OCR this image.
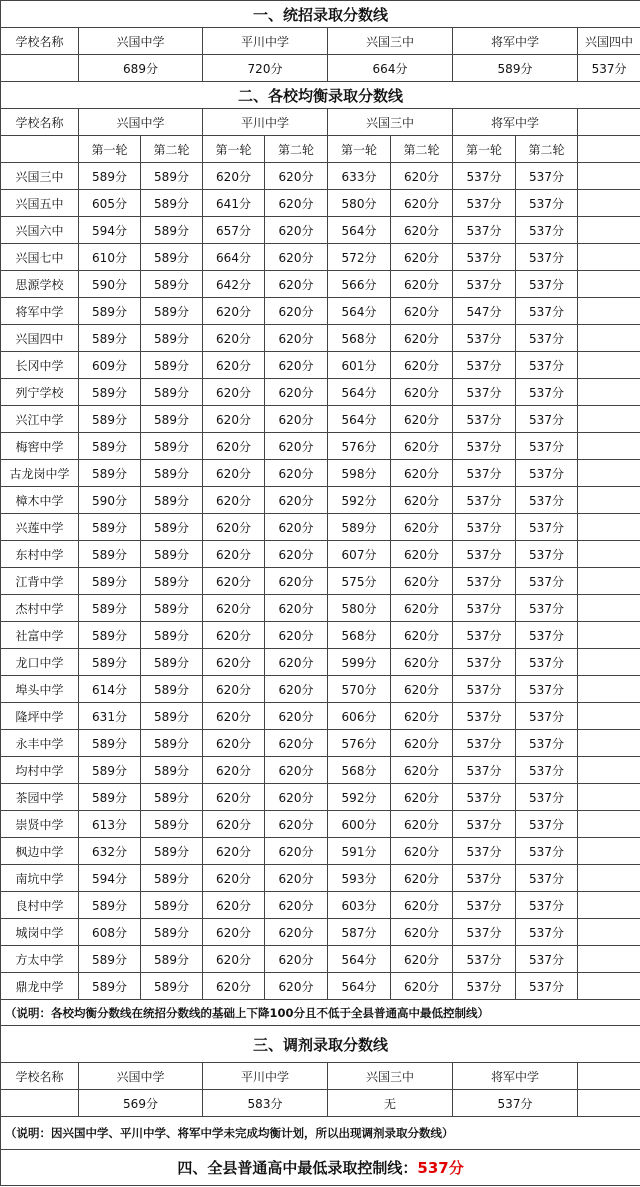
一、统招录取分数线									
学校名称	兴国中学		平川中学		兴国三中		将军中学		兴国四中
	689分		720分		664分		589分		537分
二、各校均衡录取分数线									
学校名称	兴国中学		平川中学		兴国三中		将军中学		
	第一轮	第二轮	第一轮	第二轮	第一轮	第二轮	第一轮	第二轮	
兴国三中	589分	589分	620分	620分	633分	620分	537分	537分	
兴国五中	605分	589分	641分	620分	580分	620分	537分	537分	
兴国六中	594分	589分	657分	620分	564分	620分	537分	537分	
兴国七中	610分	589分	664分	620分	572分	620分	537分	537分	
思源学校	590分	589分	642分	620分	566分	620分	537分	537分	
将军中学	589分	589分	620分	620分	564分	620分	547分	537分	
兴国四中	589分	589分	620分	620分	568分	620分	537分	537分	
长冈中学	609分	589分	620分	620分	601分	620分	537分	537分	
列宁学校	589分	589分	620分	620分	564分	620分	537分	537分	
兴江中学	589分	589分	620分	620分	564分	620分	537分	537分	
梅窖中学	589分	589分	620分	620分	576分	620分	537分	537分	
古龙岗中学	589分	589分	620分	620分	598分	620分	537分	537分	
樟木中学	590分	589分	620分	620分	592分	620分	537分	537分	
兴莲中学	589分	589分	620分	620分	589分	620分	537分	537分	
东村中学	589分	589分	620分	620分	607分	620分	537分	537分	
江背中学	589分	589分	620分	620分	575分	620分	537分	537分	
杰村中学	589分	589分	620分	620分	580分	620分	537分	537分	
社富中学	589分	589分	620分	620分	568分	620分	537分	537分	
龙口中学	589分	589分	620分	620分	599分	620分	537分	537分	
埠头中学	614分	589分	620分	620分	570分	620分	537分	537分	
隆坪中学	631分	589分	620分	620分	606分	620分	537分	537分	
永丰中学	589分	589分	620分	620分	576分	620分	537分	537分	
均村中学	589分	589分	620分	620分	568分	620分	537分	537分	
茶园中学	589分	589分	620分	620分	592分	620分	537分	537分	
崇贤中学	613分	589分	620分	620分	600分	620分	537分	537分	
枫边中学	632分	589分	620分	620分	591分	620分	537分	537分	
南坑中学	594分	589分	620分	620分	593分	620分	537分	537分	
良村中学	589分	589分	620分	620分	603分	620分	537分	537分	
城岗中学	608分	589分	620分	620分	587分	620分	537分	537分	
方太中学	589分	589分	620分	620分	564分	620分	537分	537分	
鼎龙中学	589分	589分	620分	620分	564分	620分	537分	537分	
（说明：各校均衡分数线在统招分数线的基础上下降100分且不低于全县普通高中最低控制线）									
三、调剂录取分数线									
学校名称	兴国中学		平川中学		兴国三中		将军中学		
	569分		583分		无		537分		
（说明：因兴国中学、平川中学、将军中学未完成均衡计划，所以出现调剂录取分数线）									
四、全县普通高中最低录取控制线：537分									
